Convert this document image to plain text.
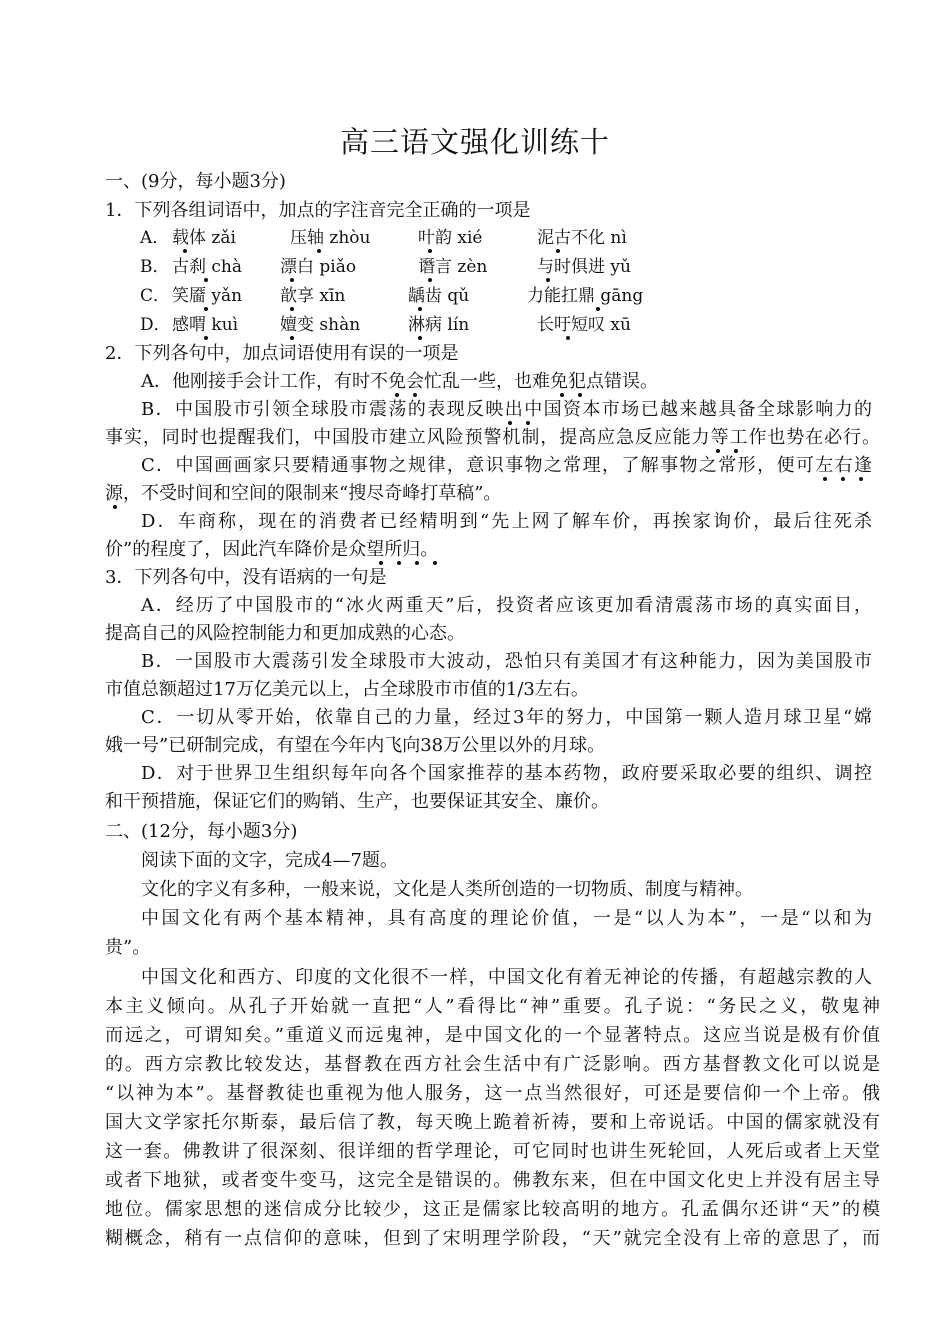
高三语文强化训练十
一、(9分，每小题3分)
1．下列各组词语中，加点的字注音完全正确的一项是
A． 载体 zǎi	压轴 zhòu	叶韵 xié	泥古不化 nì
B． 古刹 chà 漂白 piǎo	谮言 zèn	与时俱进 yǔ
C． 笑靥 yǎn 歆享 xīn	龋齿 qǔ	力能扛鼎 gāng
D． 感喟 kuì 嬗变 shàn	淋病 lín	长吁短叹 xū
2．下列各句中，加点词语使用有误的一项是
A．他刚接手会计工作，有时不免会忙乱一些，也难免犯点错误。
B．中国股市引领全球股市震荡的表现反映出中国资本市场已越来越具备全球影响力的
事实，同时也提醒我们，中国股市建立风险预警机制，提高应急反应能力等工作也势在必行。
C．中国画画家只要精通事物之规律，意识事物之常理，了解事物之常形，便可左右逢
源，不受时间和空间的限制来“搜尽奇峰打草稿”。
D．车商称，现在的消费者已经精明到“先上网了解车价，再挨家询价，最后往死杀
价”的程度了，因此汽车降价是众望所归。
3．下列各句中，没有语病的一句是
A．经历了中国股市的“冰火两重天”后，投资者应该更加看清震荡市场的真实面目，
提高自己的风险控制能力和更加成熟的心态。
B．一国股市大震荡引发全球股市大波动，恐怕只有美国才有这种能力，因为美国股市
市值总额超过17万亿美元以上，占全球股市市值的1/3左右。
C．一切从零开始，依靠自己的力量，经过3年的努力，中国第一颗人造月球卫星“嫦
娥一号”已研制完成，有望在今年内飞向38万公里以外的月球。
D．对于世界卫生组织每年向各个国家推荐的基本药物，政府要采取必要的组织、调控
和干预措施，保证它们的购销、生产，也要保证其安全、廉价。
二、(12分，每小题3分)
阅读下面的文字，完成4—7题。
文化的字义有多种，一般来说，文化是人类所创造的一切物质、制度与精神。
中国文化有两个基本精神，具有高度的理论价值，一是“以人为本”，一是“以和为
贵”。
中国文化和西方、印度的文化很不一样，中国文化有着无神论的传播，有超越宗教的人
本主义倾向。从孔子开始就一直把“人”看得比“神”重要。孔子说：“务民之义，敬鬼神
而远之，可谓知矣。”重道义而远鬼神，是中国文化的一个显著特点。这应当说是极有价值
的。西方宗教比较发达，基督教在西方社会生活中有广泛影响。西方基督教文化可以说是
“以神为本”。基督教徒也重视为他人服务，这一点当然很好，可还是要信仰一个上帝。俄
国大文学家托尔斯泰，最后信了教，每天晚上跪着祈祷，要和上帝说话。中国的儒家就没有
这一套。佛教讲了很深刻、很详细的哲学理论，可它同时也讲生死轮回，人死后或者上天堂
或者下地狱，或者变牛变马，这完全是错误的。佛教东来，但在中国文化史上并没有居主导
地位。儒家思想的迷信成分比较少，这正是儒家比较高明的地方。孔孟偶尔还讲“天”的模
糊概念，稍有一点信仰的意味，但到了宋明理学阶段，“天”就完全没有上帝的意思了，而
